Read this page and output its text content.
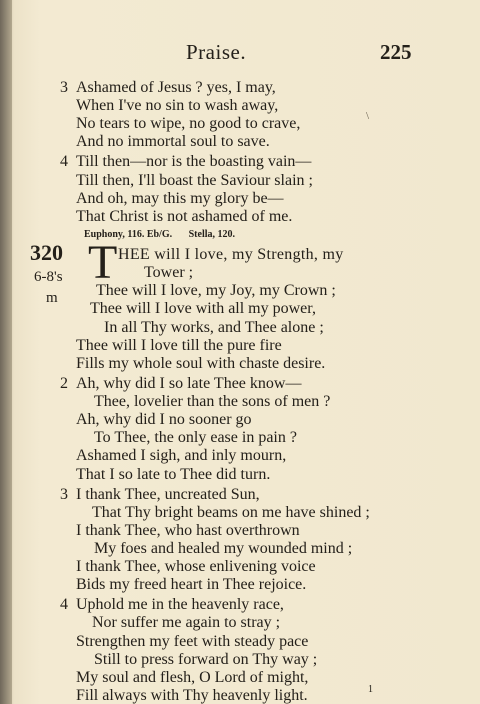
Praise.	225
\
3 Ashamed of Jesus ? yes, I may,
When I've no sin to wash away,
No tears to wipe, no good to crave,
And no immortal soul to save.
4 Till then—nor is the boasting vain—
Till then, I'll boast the Saviour slain ;
And oh, may this my glory be—
That Christ is not ashamed of me.
Euphony, 116. Eb/G. Stella, 120.
320
6-8's
m
T HEE will I love, my Strength, my
Tower ;
Thee will I love, my Joy, my Crown ;
Thee will I love with all my power,
In all Thy works, and Thee alone ;
Thee will I love till the pure fire
Fills my whole soul with chaste desire.
2 Ah, why did I so late Thee know—
Thee, lovelier than the sons of men ?
Ah, why did I no sooner go
To Thee, the only ease in pain ?
Ashamed I sigh, and inly mourn,
That I so late to Thee did turn.
3 I thank Thee, uncreated Sun,
That Thy bright beams on me have shined ;
I thank Thee, who hast overthrown
My foes and healed my wounded mind ;
I thank Thee, whose enlivening voice
Bids my freed heart in Thee rejoice.
4 Uphold me in the heavenly race,
Nor suffer me again to stray ;
Strengthen my feet with steady pace
Still to press forward on Thy way ;
My soul and flesh, O Lord of might,
Fill always with Thy heavenly light.	1
